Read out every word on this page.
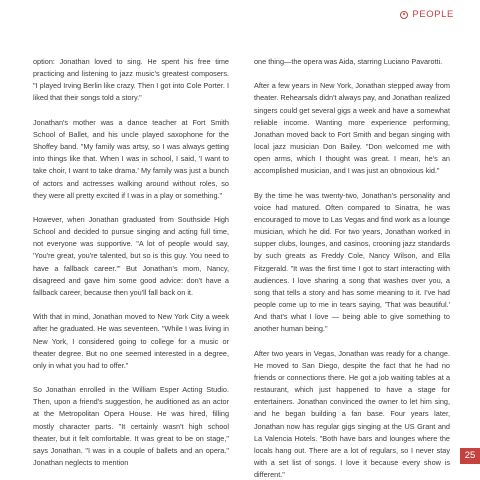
PEOPLE

option: Jonathan loved to sing. He spent his free time practicing and listening to jazz music's greatest composers. "I played Irving Berlin like crazy. Then I got into Cole Porter. I liked that their songs told a story."

Jonathan's mother was a dance teacher at Fort Smith School of Ballet, and his uncle played saxophone for the Shoffey band. "My family was artsy, so I was always getting into things like that. When I was in school, I said, 'I want to take choir, I want to take drama.' My family was just a bunch of actors and actresses walking around without roles, so they were all pretty excited if I was in a play or something."

However, when Jonathan graduated from Southside High School and decided to pursue singing and acting full time, not everyone was supportive. "A lot of people would say, 'You're great, you're talented, but so is this guy. You need to have a fallback career.'" But Jonathan's mom, Nancy, disagreed and gave him some good advice: don't have a fallback career, because then you'll fall back on it.

With that in mind, Jonathan moved to New York City a week after he graduated. He was seventeen. "While I was living in New York, I considered going to college for a music or theater degree. But no one seemed interested in a degree, only in what you had to offer."

So Jonathan enrolled in the William Esper Acting Studio. Then, upon a friend's suggestion, he auditioned as an actor at the Metropolitan Opera House. He was hired, filling mostly character parts. "It certainly wasn't high school theater, but it felt comfortable. It was great to be on stage," says Jonathan. "I was in a couple of ballets and an opera." Jonathan neglects to mention

one thing—the opera was Aida, starring Luciano Pavarotti.

After a few years in New York, Jonathan stepped away from theater. Rehearsals didn't always pay, and Jonathan realized singers could get several gigs a week and have a somewhat reliable income. Wanting more experience performing, Jonathan moved back to Fort Smith and began singing with local jazz musician Don Bailey. "Don welcomed me with open arms, which I thought was great. I mean, he's an accomplished musician, and I was just an obnoxious kid."

By the time he was twenty-two, Jonathan's personality and voice had matured. Often compared to Sinatra, he was encouraged to move to Las Vegas and find work as a lounge musician, which he did. For two years, Jonathan worked in supper clubs, lounges, and casinos, crooning jazz standards by such greats as Freddy Cole, Nancy Wilson, and Ella Fitzgerald. "It was the first time I got to start interacting with audiences. I love sharing a song that washes over you, a song that tells a story and has some meaning to it. I've had people come up to me in tears saying, 'That was beautiful.' And that's what I love — being able to give something to another human being."

After two years in Vegas, Jonathan was ready for a change. He moved to San Diego, despite the fact that he had no friends or connections there. He got a job waiting tables at a restaurant, which just happened to have a stage for entertainers. Jonathan convinced the owner to let him sing, and he began building a fan base. Four years later, Jonathan now has regular gigs singing at the US Grant and La Valencia Hotels. "Both have bars and lounges where the locals hang out. There are a lot of regulars, so I never stay with a set list of songs. I love it because every show is different."

25
